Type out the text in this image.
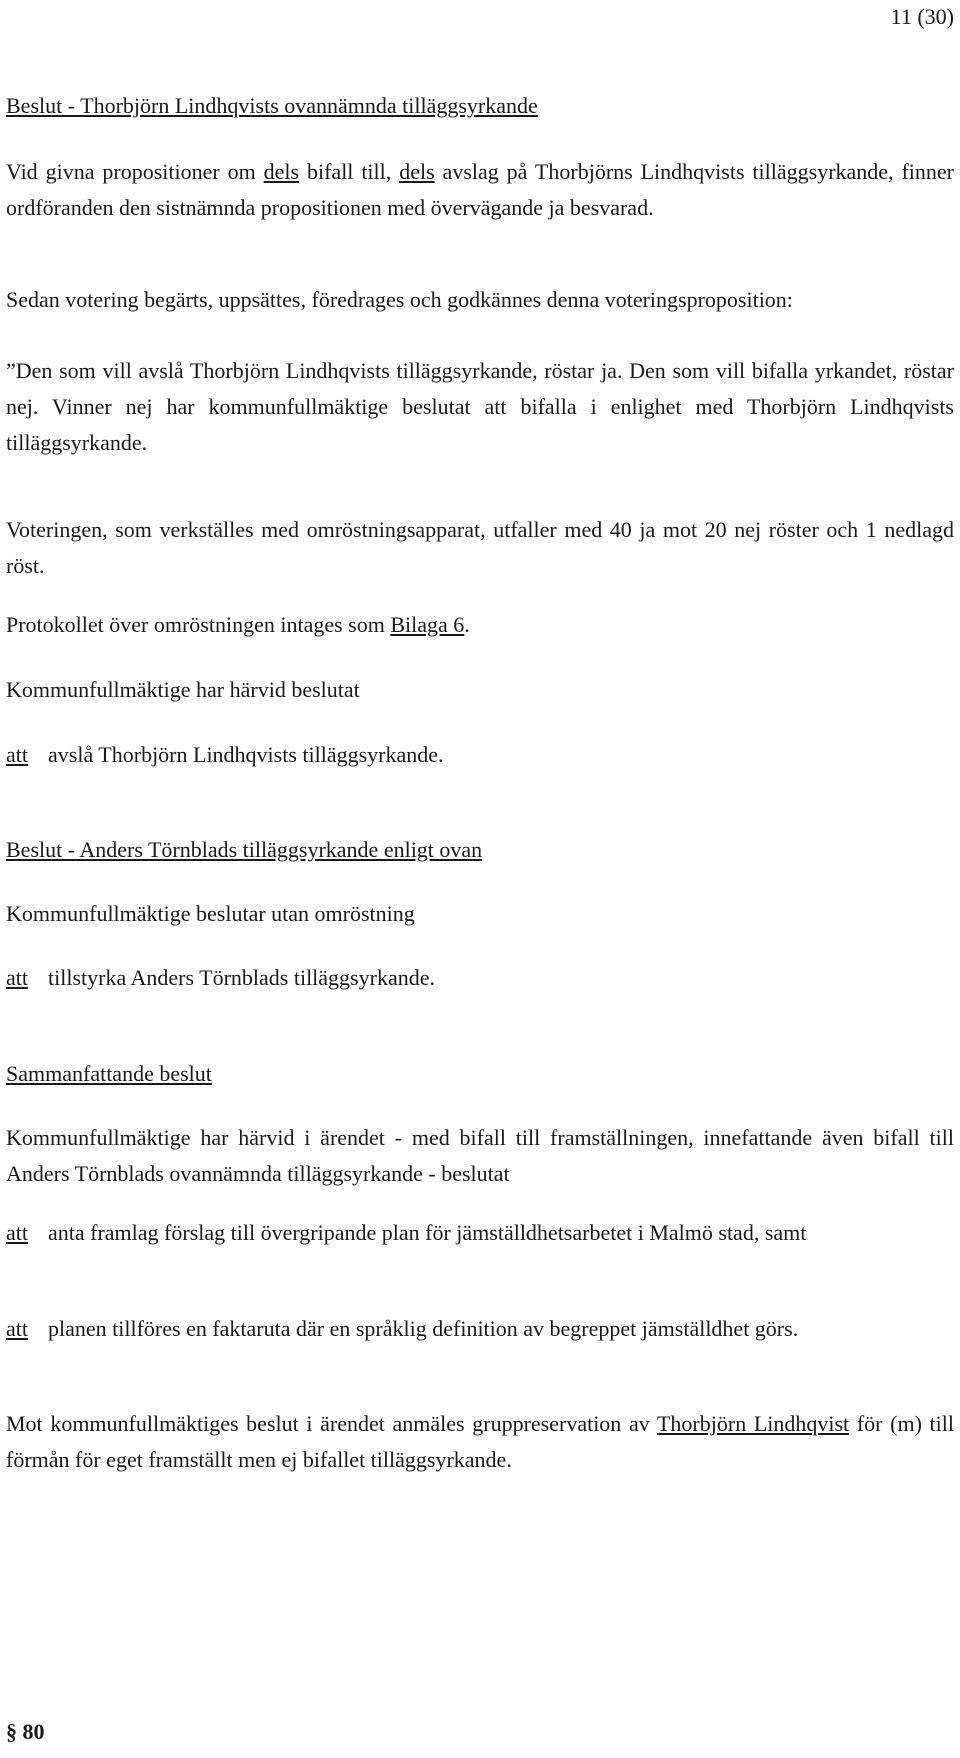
11 (30)
Beslut - Thorbjörn Lindhqvists ovannämnda tilläggsyrkande
Vid givna propositioner om dels bifall till, dels avslag på Thorbjörns Lindhqvists tilläggsyrkande, finner ordföranden den sistnämnda propositionen med övervägande ja besvarad.
Sedan votering begärts, uppsättes, föredrages och godkännes denna voteringsproposition:
”Den som vill avslå Thorbjörn Lindhqvists tilläggsyrkande, röstar ja. Den som vill bifalla yrkandet, röstar nej. Vinner nej har kommunfullmäktige beslutat att bifalla i enlighet med Thorbjörn Lindhqvists tilläggsyrkande.
Voteringen, som verkställes med omröstningsapparat, utfaller med 40 ja mot 20 nej röster och 1 nedlagd röst.
Protokollet över omröstningen intages som Bilaga 6.
Kommunfullmäktige har härvid beslutat
att avslå Thorbjörn Lindhqvists tilläggsyrkande.
Beslut - Anders Törnblads tilläggsyrkande enligt ovan
Kommunfullmäktige beslutar utan omröstning
att tillstyrka Anders Törnblads tilläggsyrkande.
Sammanfattande beslut
Kommunfullmäktige har härvid i ärendet - med bifall till framställningen, innefattande även bifall till Anders Törnblads ovannämnda tilläggsyrkande - beslutat
att anta framlag förslag till övergripande plan för jämställdhetsarbetet i Malmö stad, samt
att planen tillföres en faktaruta där en språklig definition av begreppet jämställdhet görs.
Mot kommunfullmäktiges beslut i ärendet anmäles gruppreservation av Thorbjörn Lindhqvist för (m) till förmån för eget framställt men ej bifallet tilläggsyrkande.
§ 80
